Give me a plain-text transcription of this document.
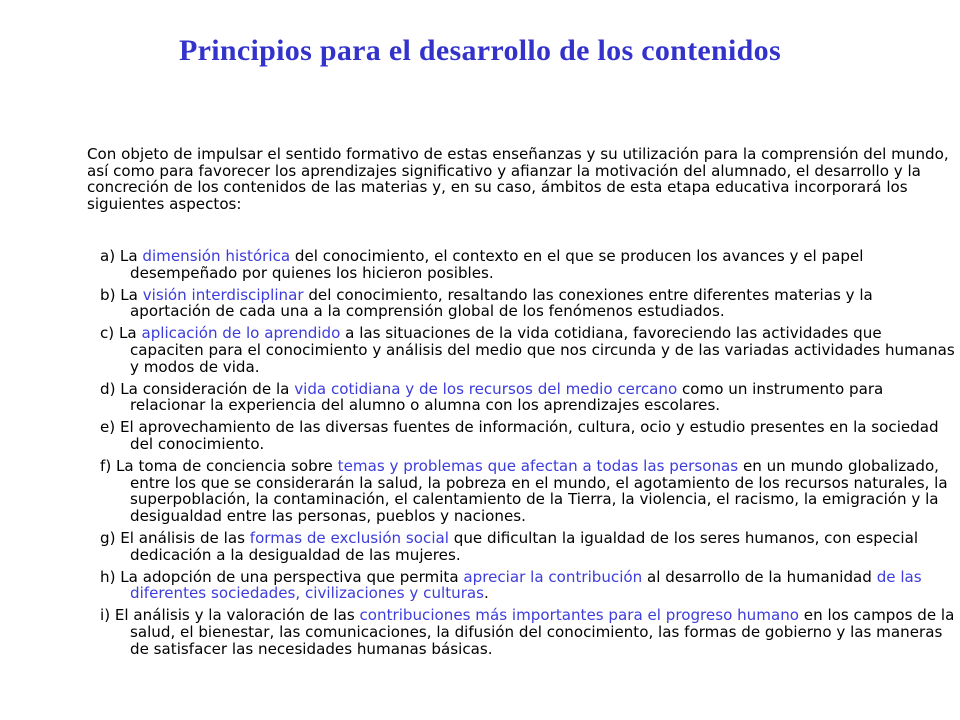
Principios para el desarrollo de los contenidos

Con objeto de impulsar el sentido formativo de estas enseñanzas y su utilización para la comprensión del mundo, así como para favorecer los aprendizajes significativo y afianzar la motivación del alumnado, el desarrollo y la concreción de los contenidos de las materias y, en su caso, ámbitos de esta etapa educativa incorporará los siguientes aspectos:

a) La dimensión histórica del conocimiento, el contexto en el que se producen los avances y el papel desempeñado por quienes los hicieron posibles.
b) La visión interdisciplinar del conocimiento, resaltando las conexiones entre diferentes materias y la aportación de cada una a la comprensión global de los fenómenos estudiados.
c) La aplicación de lo aprendido a las situaciones de la vida cotidiana, favoreciendo las actividades que capaciten para el conocimiento y análisis del medio que nos circunda y de las variadas actividades humanas y modos de vida.
d) La consideración de la vida cotidiana y de los recursos del medio cercano como un instrumento para relacionar la experiencia del alumno o alumna con los aprendizajes escolares.
e) El aprovechamiento de las diversas fuentes de información, cultura, ocio y estudio presentes en la sociedad del conocimiento.
f) La toma de conciencia sobre temas y problemas que afectan a todas las personas en un mundo globalizado, entre los que se considerarán la salud, la pobreza en el mundo, el agotamiento de los recursos naturales, la superpoblación, la contaminación, el calentamiento de la Tierra, la violencia, el racismo, la emigración y la desigualdad entre las personas, pueblos y naciones.
g) El análisis de las formas de exclusión social que dificultan la igualdad de los seres humanos, con especial dedicación a la desigualdad de las mujeres.
h) La adopción de una perspectiva que permita apreciar la contribución al desarrollo de la humanidad de las diferentes sociedades, civilizaciones y culturas.
i) El análisis y la valoración de las contribuciones más importantes para el progreso humano en los campos de la salud, el bienestar, las comunicaciones, la difusión del conocimiento, las formas de gobierno y las maneras de satisfacer las necesidades humanas básicas.
